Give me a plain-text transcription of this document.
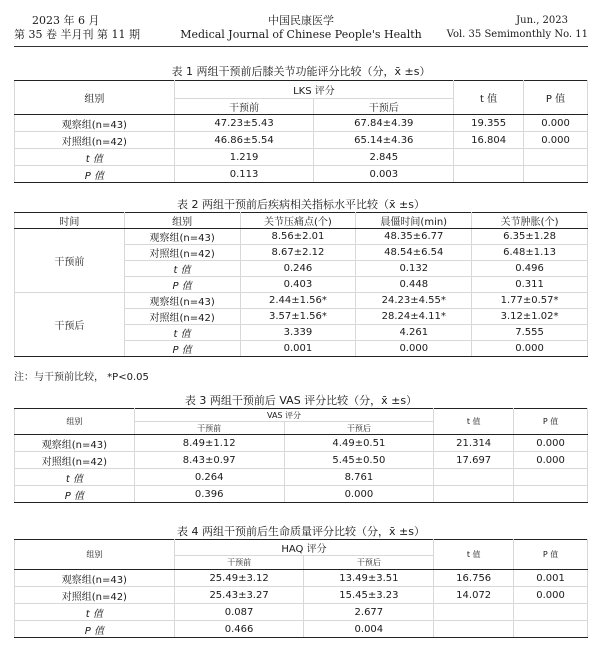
2023 年 6 月
第 35 卷 半月刊 第 11 期
中国民康医学
Medical Journal of Chinese People's Health
Jun., 2023
Vol. 35 Semimonthly No. 11
表 1 两组干预前后膝关节功能评分比较（分，x̄ ±s）
组别	LKS 评分		t 值	P 值
	干预前	干预后		
观察组(n=43)	47.23±5.43	67.84±4.39	19.355	0.000
对照组(n=42)	46.86±5.54	65.14±4.36	16.804	0.000
t 值	1.219	2.845		
P 值	0.113	0.003		
表 2 两组干预前后疾病相关指标水平比较（x̄ ±s）
时间	组别	关节压痛点(个)	晨僵时间(min)	关节肿胀(个)
干预前	观察组(n=43)	8.56±2.01	48.35±6.77	6.35±1.28
	对照组(n=42)	8.67±2.12	48.54±6.54	6.48±1.13
	t 值	0.246	0.132	0.496
	P 值	0.403	0.448	0.311
干预后	观察组(n=43)	2.44±1.56*	24.23±4.55*	1.77±0.57*
	对照组(n=42)	3.57±1.56*	28.24±4.11*	3.12±1.02*
	t 值	3.339	4.261	7.555
	P 值	0.001	0.000	0.000
注：与干预前比较， *P<0.05
表 3 两组干预前后 VAS 评分比较（分，x̄ ±s）
组别	VAS 评分		t 值	P 值
	干预前	干预后		
观察组(n=43)	8.49±1.12	4.49±0.51	21.314	0.000
对照组(n=42)	8.43±0.97	5.45±0.50	17.697	0.000
t 值	0.264	8.761		
P 值	0.396	0.000		
表 4 两组干预前后生命质量评分比较（分，x̄ ±s）
组别	HAQ 评分		t 值	P 值
	干预前	干预后		
观察组(n=43)	25.49±3.12	13.49±3.51	16.756	0.001
对照组(n=42)	25.43±3.27	15.45±3.23	14.072	0.000
t 值	0.087	2.677		
P 值	0.466	0.004		
